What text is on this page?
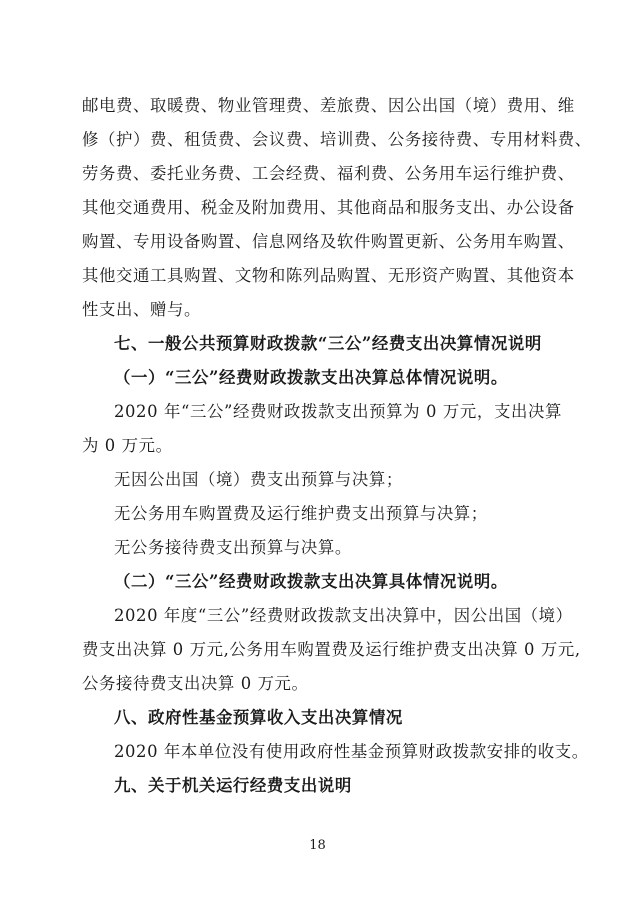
邮电费、取暖费、物业管理费、差旅费、因公出国（境）费用、维
修（护）费、租赁费、会议费、培训费、公务接待费、专用材料费、
劳务费、委托业务费、工会经费、福利费、公务用车运行维护费、
其他交通费用、税金及附加费用、其他商品和服务支出、办公设备
购置、专用设备购置、信息网络及软件购置更新、公务用车购置、
其他交通工具购置、文物和陈列品购置、无形资产购置、其他资本
性支出、赠与。
七、一般公共预算财政拨款“三公”经费支出决算情况说明
（一）“三公”经费财政拨款支出决算总体情况说明。
2020 年“三公”经费财政拨款支出预算为 0 万元，支出决算
为 0 万元。
无因公出国（境）费支出预算与决算；
无公务用车购置费及运行维护费支出预算与决算；
无公务接待费支出预算与决算。
（二）“三公”经费财政拨款支出决算具体情况说明。
2020 年度“三公”经费财政拨款支出决算中，因公出国（境）
费支出决算 0 万元,公务用车购置费及运行维护费支出决算 0 万元,
公务接待费支出决算 0 万元。
八、政府性基金预算收入支出决算情况
2020 年本单位没有使用政府性基金预算财政拨款安排的收支。
九、关于机关运行经费支出说明
18
